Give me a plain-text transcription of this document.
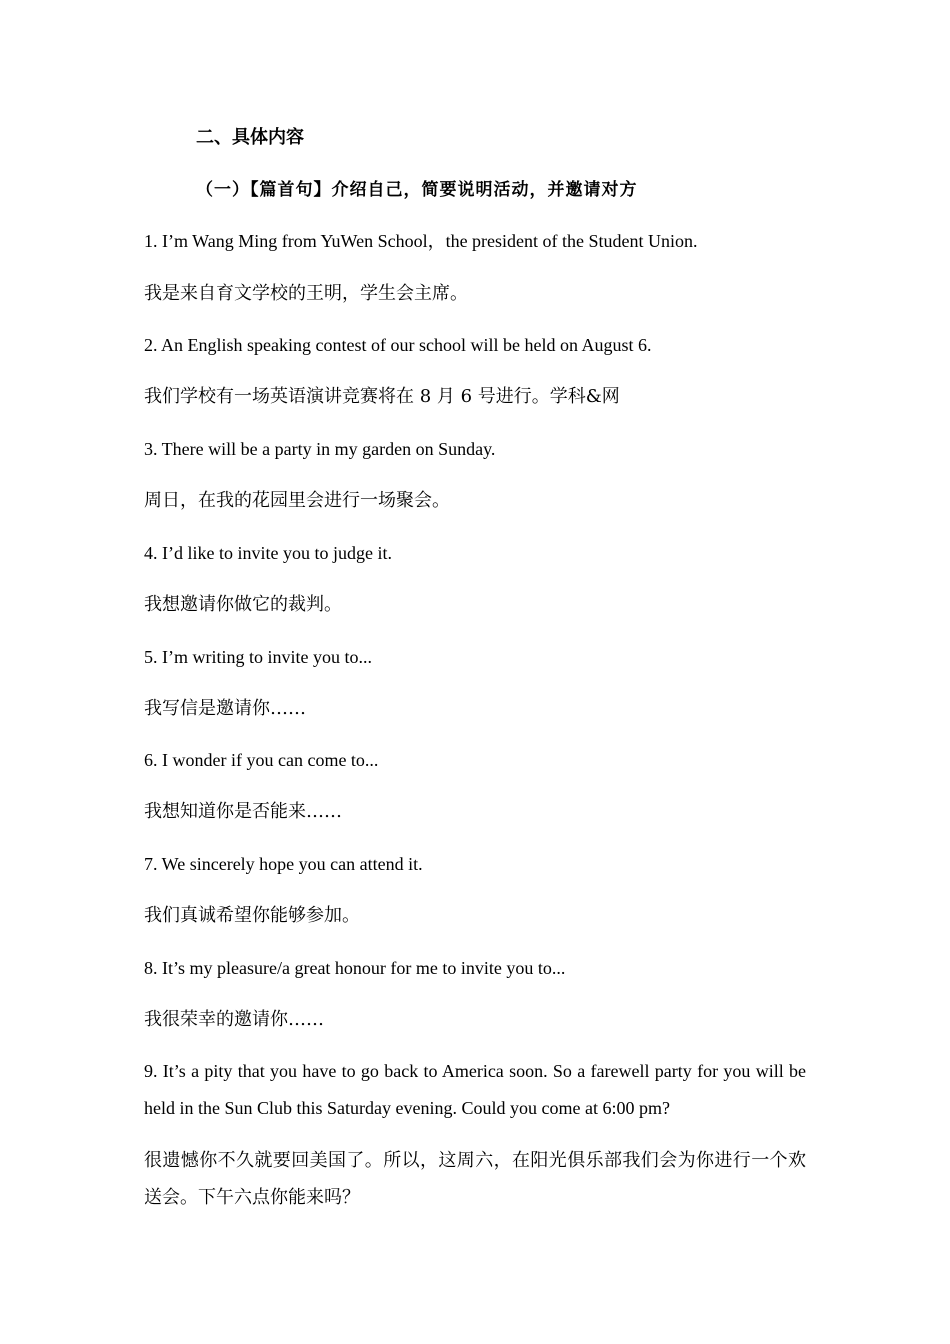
二、具体内容
（一）【篇首句】介绍自己，简要说明活动，并邀请对方
1. I’m Wang Ming from YuWen School，the president of the Student Union.
我是来自育文学校的王明，学生会主席。
2. An English speaking contest of our school will be held on August 6.
我们学校有一场英语演讲竞赛将在 8 月 6 号进行。学科&网
3. There will be a party in my garden on Sunday.
周日，在我的花园里会进行一场聚会。
4. I’d like to invite you to judge it.
我想邀请你做它的裁判。
5. I’m writing to invite you to...
我写信是邀请你……
6. I wonder if you can come to...
我想知道你是否能来……
7. We sincerely hope you can attend it.
我们真诚希望你能够参加。
8. It’s my pleasure/a great honour for me to invite you to...
我很荣幸的邀请你……
9. It’s a pity that you have to go back to America soon. So a farewell party for you will be held in the Sun Club this Saturday evening. Could you come at 6:00 pm?
很遗憾你不久就要回美国了。所以，这周六，在阳光俱乐部我们会为你进行一个欢送会。下午六点你能来吗？
